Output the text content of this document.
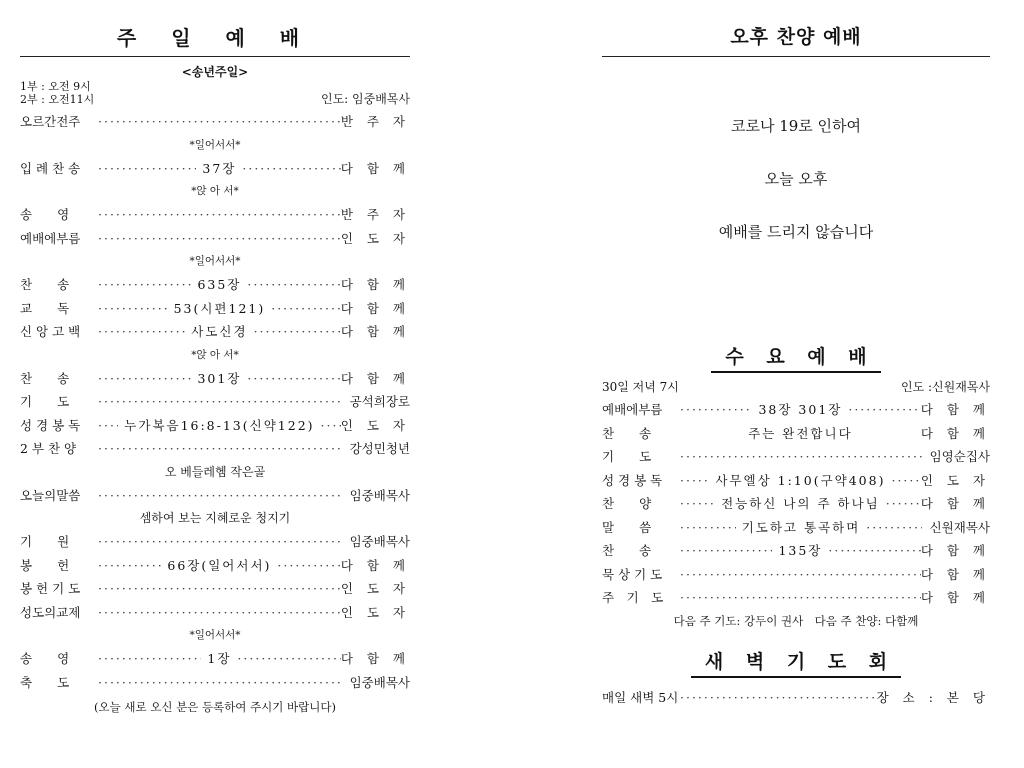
주 일 예 배
<송년주일>
1부 : 오전 9시
2부 : 오전11시	인도: 임중배목사
오르간전주 ·····	반 주 자
*일어서서*
입 례 찬 송 ·····	37장 ·····	다 함 께
*앉 아 서*
송　　영 ·····	반 주 자
예배에부름 ·····	인 도 자
*일어서서*
찬　　송 ·····	635장 ·····	다 함 께
교　　독 ·····	53(시편121) ·····	다 함 께
신 앙 고 백 ·····	사도신경 ·····	다 함 께
*앉 아 서*
찬　　송 ·····	301장 ·····	다 함 께
기　　도 ·····	공석희장로
성 경 봉 독 ·····	누가복음16:8-13(신약122) ·····	인 도 자
2 부 찬 양 ·····	강성민청년
오 베들레헴 작은골
오늘의말씀 ·····	임중배목사
셈하여 보는 지혜로운 청지기
기　　원 ·····	임중배목사
봉　　헌 ·····	66장(일어서서) ·····	다 함 께
봉 헌 기 도 ·····	인 도 자
성도의교제 ·····	인 도 자
*일어서서*
송　　영 ·····	1장 ·····	다 함 께
축　　도 ·····	임중배목사
(오늘 새로 오신 분은 등록하여 주시기 바랍니다)
오후 찬양 예배
코로나 19로 인하여
오늘 오후
예배를 드리지 않습니다
수 요 예 배
30일 저녁 7시	인도 :신원재목사
예배에부름 ·····	38장 301장 ·····	다 함 께
찬　　송	주는 완전합니다	다 함 께
기　　도 ·····	임영순집사
성 경 봉 독 ·····	사무엘상 1:10(구약408) ·····	인 도 자
찬　　양 ·····	전능하신 나의 주 하나님 ·····	다 함 께
말　　씀 ·····	기도하고 통곡하며 ·····	신원재목사
찬　　송 ·····	135장 ·····	다 함 께
묵 상 기 도 ·····	다 함 께
주　기　도 ·····	다 함 께
다음 주 기도: 강두이 권사　다음 주 찬양: 다함께
새 벽 기 도 회
매일 새벽 5시 ·····	장 소 : 본 당
